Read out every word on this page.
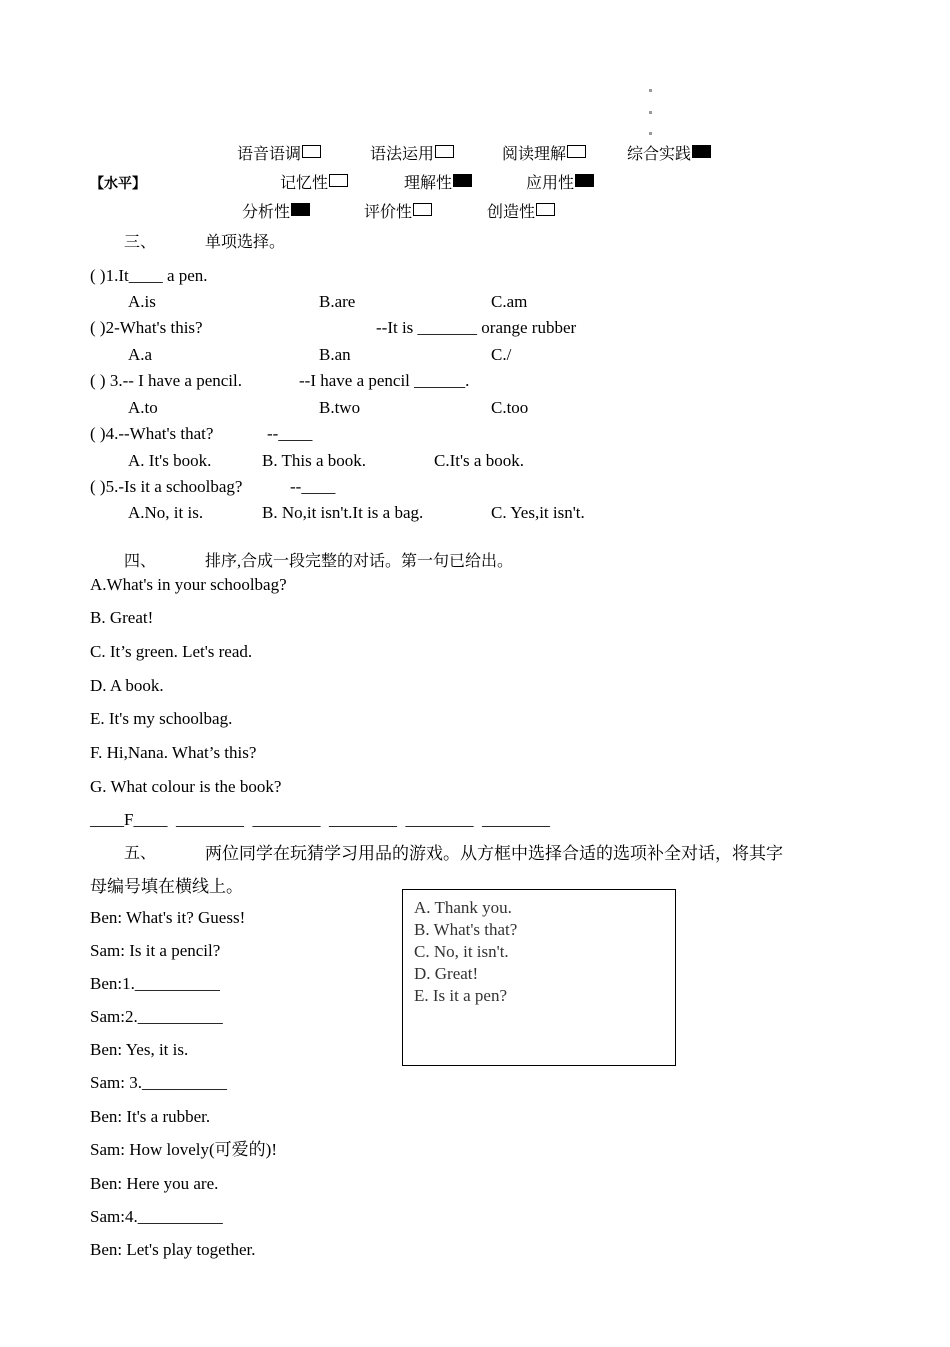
语音语调	语法运用	阅读理解	综合实践
【水平】	记忆性	理解性	应用性
分析性	评价性	创造性
三、	单项选择。
( )1.It____ a pen.
A.is	B.are	C.am
( )2-What's this?	--It is _______ orange rubber
A.a	B.an	C./
( ) 3.-- I have a pencil.	--I have a pencil ______.
A.to	B.two	C.too
( )4.--What's that?	--____
A. It's book.	B. This a book.	C.It's a book.
( )5.-Is it a schoolbag?	--____
A.No, it is.	B. No,it isn't.It is a bag.	C. Yes,it isn't.
四、	排序,合成一段完整的对话。第一句已给出。
A.What's in your schoolbag?
B. Great!
C. It’s green. Let's read.
D. A book.
E. It's my schoolbag.
F. Hi,Nana. What’s this?
G. What colour is the book?
____F____  ________  ________  ________  ________  ________
五、	两位同学在玩猜学习用品的游戏。从方框中选择合适的选项补全对话，将其字
母编号填在横线上。
Ben: What's it? Guess!
Sam: Is it a pencil?
Ben:1.__________
Sam:2.__________
Ben: Yes, it is.
Sam: 3.__________
Ben: It's a rubber.
Sam: How lovely(可爱的)!
Ben: Here you are.
Sam:4.__________
Ben: Let's play together.
A. Thank you.
B. What's that?
C. No, it isn't.
D. Great!
E. Is it a pen?
